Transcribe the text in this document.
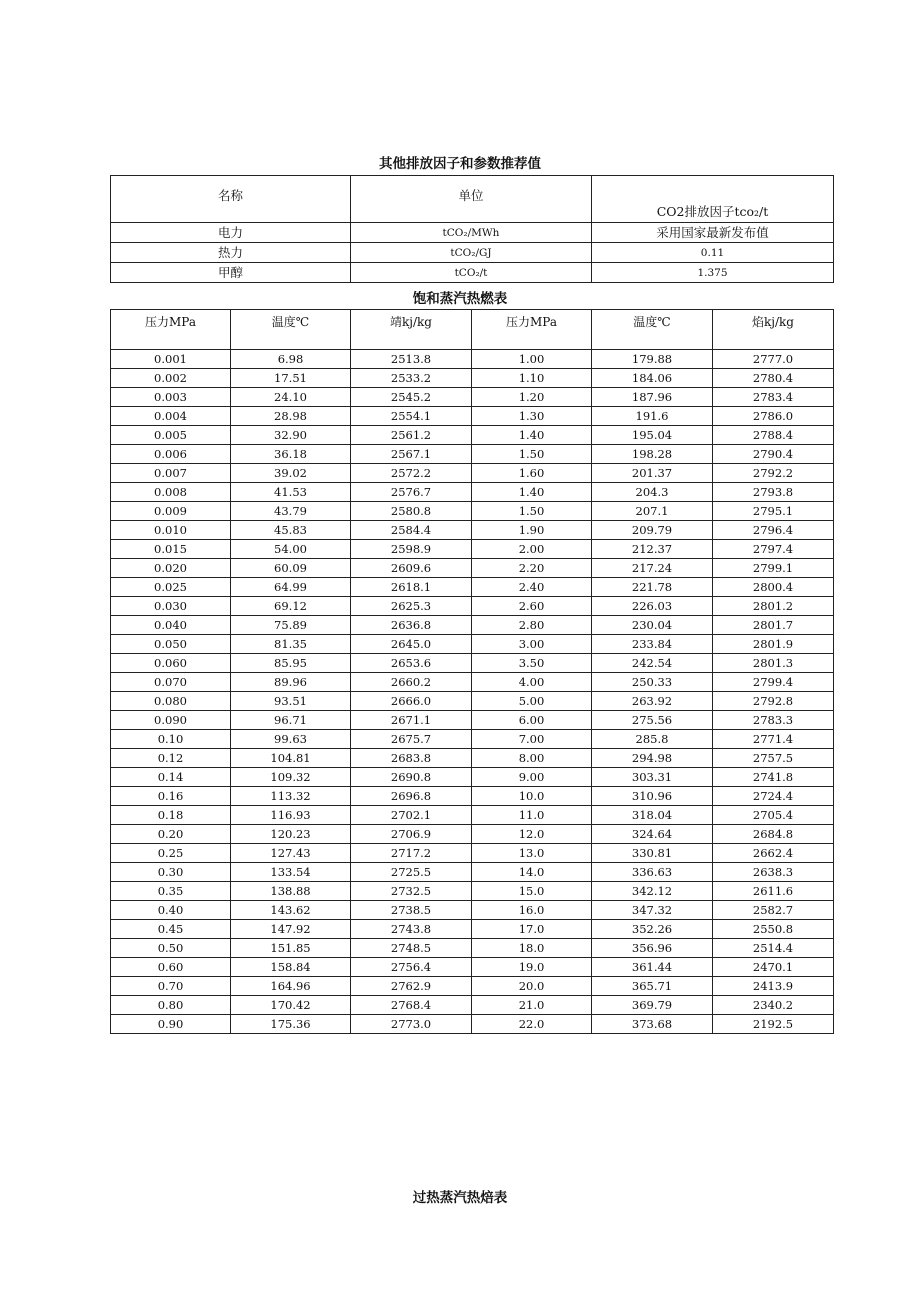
其他排放因子和参数推荐值
名称	单位	CO2排放因子tco₂/t
电力	tCO₂/MWh	采用国家最新发布值
热力	tCO₂/GJ	0.11
甲醇	tCO₂/t	1.375
饱和蒸汽热燃表
压力MPa	温度℃	靖kj/kg	压力MPa	温度℃	焰kj/kg
0.001	6.98	2513.8	1.00	179.88	2777.0
0.002	17.51	2533.2	1.10	184.06	2780.4
0.003	24.10	2545.2	1.20	187.96	2783.4
0.004	28.98	2554.1	1.30	191.6	2786.0
0.005	32.90	2561.2	1.40	195.04	2788.4
0.006	36.18	2567.1	1.50	198.28	2790.4
0.007	39.02	2572.2	1.60	201.37	2792.2
0.008	41.53	2576.7	1.40	204.3	2793.8
0.009	43.79	2580.8	1.50	207.1	2795.1
0.010	45.83	2584.4	1.90	209.79	2796.4
0.015	54.00	2598.9	2.00	212.37	2797.4
0.020	60.09	2609.6	2.20	217.24	2799.1
0.025	64.99	2618.1	2.40	221.78	2800.4
0.030	69.12	2625.3	2.60	226.03	2801.2
0.040	75.89	2636.8	2.80	230.04	2801.7
0.050	81.35	2645.0	3.00	233.84	2801.9
0.060	85.95	2653.6	3.50	242.54	2801.3
0.070	89.96	2660.2	4.00	250.33	2799.4
0.080	93.51	2666.0	5.00	263.92	2792.8
0.090	96.71	2671.1	6.00	275.56	2783.3
0.10	99.63	2675.7	7.00	285.8	2771.4
0.12	104.81	2683.8	8.00	294.98	2757.5
0.14	109.32	2690.8	9.00	303.31	2741.8
0.16	113.32	2696.8	10.0	310.96	2724.4
0.18	116.93	2702.1	11.0	318.04	2705.4
0.20	120.23	2706.9	12.0	324.64	2684.8
0.25	127.43	2717.2	13.0	330.81	2662.4
0.30	133.54	2725.5	14.0	336.63	2638.3
0.35	138.88	2732.5	15.0	342.12	2611.6
0.40	143.62	2738.5	16.0	347.32	2582.7
0.45	147.92	2743.8	17.0	352.26	2550.8
0.50	151.85	2748.5	18.0	356.96	2514.4
0.60	158.84	2756.4	19.0	361.44	2470.1
0.70	164.96	2762.9	20.0	365.71	2413.9
0.80	170.42	2768.4	21.0	369.79	2340.2
0.90	175.36	2773.0	22.0	373.68	2192.5
过热蒸汽热焙表
